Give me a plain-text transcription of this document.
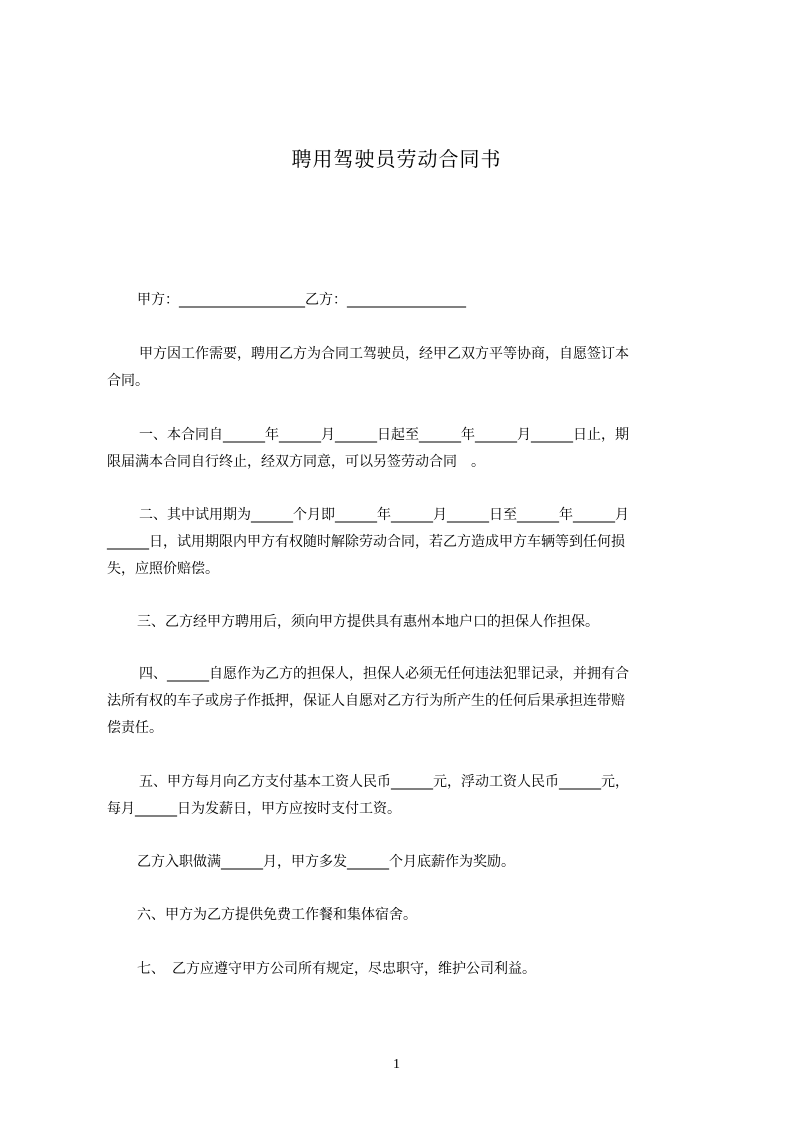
聘用驾驶员劳动合同书
甲方：__________________乙方：_________________
甲方因工作需要，聘用乙方为合同工驾驶员，经甲乙双方平等协商，自愿签订本
合同。
一、本合同自______年______月______日起至______年______月______日止，期
限届满本合同自行终止，经双方同意，可以另签劳动合同　。
二、其中试用期为______个月即______年______月______日至______年______月
______日，试用期限内甲方有权随时解除劳动合同，若乙方造成甲方车辆等到任何损
失，应照价赔偿。
三、乙方经甲方聘用后，须向甲方提供具有惠州本地户口的担保人作担保。
四、______自愿作为乙方的担保人，担保人必须无任何违法犯罪记录，并拥有合
法所有权的车子或房子作抵押，保证人自愿对乙方行为所产生的任何后果承担连带赔
偿责任。
五、甲方每月向乙方支付基本工资人民币______元，浮动工资人民币______元，
每月______日为发薪日，甲方应按时支付工资。
乙方入职做满______月，甲方多发______个月底薪作为奖励。
六、甲方为乙方提供免费工作餐和集体宿舍。
七、　乙方应遵守甲方公司所有规定，尽忠职守，维护公司利益。
1
